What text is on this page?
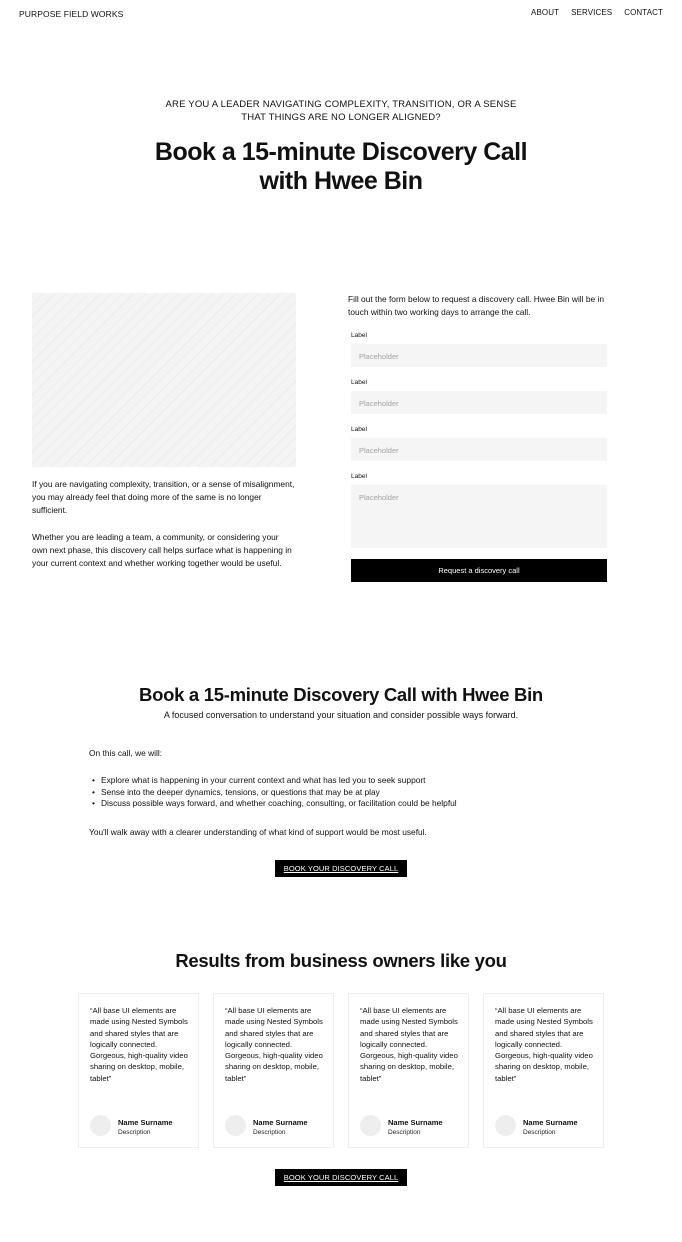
PURPOSE FIELD WORKS	ABOUT SERVICES CONTACT

ARE YOU A LEADER NAVIGATING COMPLEXITY, TRANSITION, OR A SENSE THAT THINGS ARE NO LONGER ALIGNED?

Book a 15-minute Discovery Call with Hwee Bin

If you are navigating complexity, transition, or a sense of misalignment, you may already feel that doing more of the same is no longer sufficient.

Whether you are leading a team, a community, or considering your own next phase, this discovery call helps surface what is happening in your current context and whether working together would be useful.

Fill out the form below to request a discovery call. Hwee Bin will be in touch within two working days to arrange the call.

Label
Placeholder
Label
Placeholder
Label
Placeholder
Label
Placeholder
Request a discovery call
Book a 15-minute Discovery Call with Hwee Bin

A focused conversation to understand your situation and consider possible ways forward.

On this call, we will:

• Explore what is happening in your current context and what has led you to seek support
• Sense into the deeper dynamics, tensions, or questions that may be at play
• Discuss possible ways forward, and whether coaching, consulting, or facilitation could be helpful

You'll walk away with a clearer understanding of what kind of support would be most useful.

BOOK YOUR DISCOVERY CALL
Results from business owners like you

“All base UI elements are made using Nested Symbols and shared styles that are logically connected. Gorgeous, high-quality video sharing on desktop, mobile, tablet”

Name Surname
Description

“All base UI elements are made using Nested Symbols and shared styles that are logically connected. Gorgeous, high-quality video sharing on desktop, mobile, tablet”

Name Surname
Description

“All base UI elements are made using Nested Symbols and shared styles that are logically connected. Gorgeous, high-quality video sharing on desktop, mobile, tablet”

Name Surname
Description

“All base UI elements are made using Nested Symbols and shared styles that are logically connected. Gorgeous, high-quality video sharing on desktop, mobile, tablet”

Name Surname
Description
BOOK YOUR DISCOVERY CALL
